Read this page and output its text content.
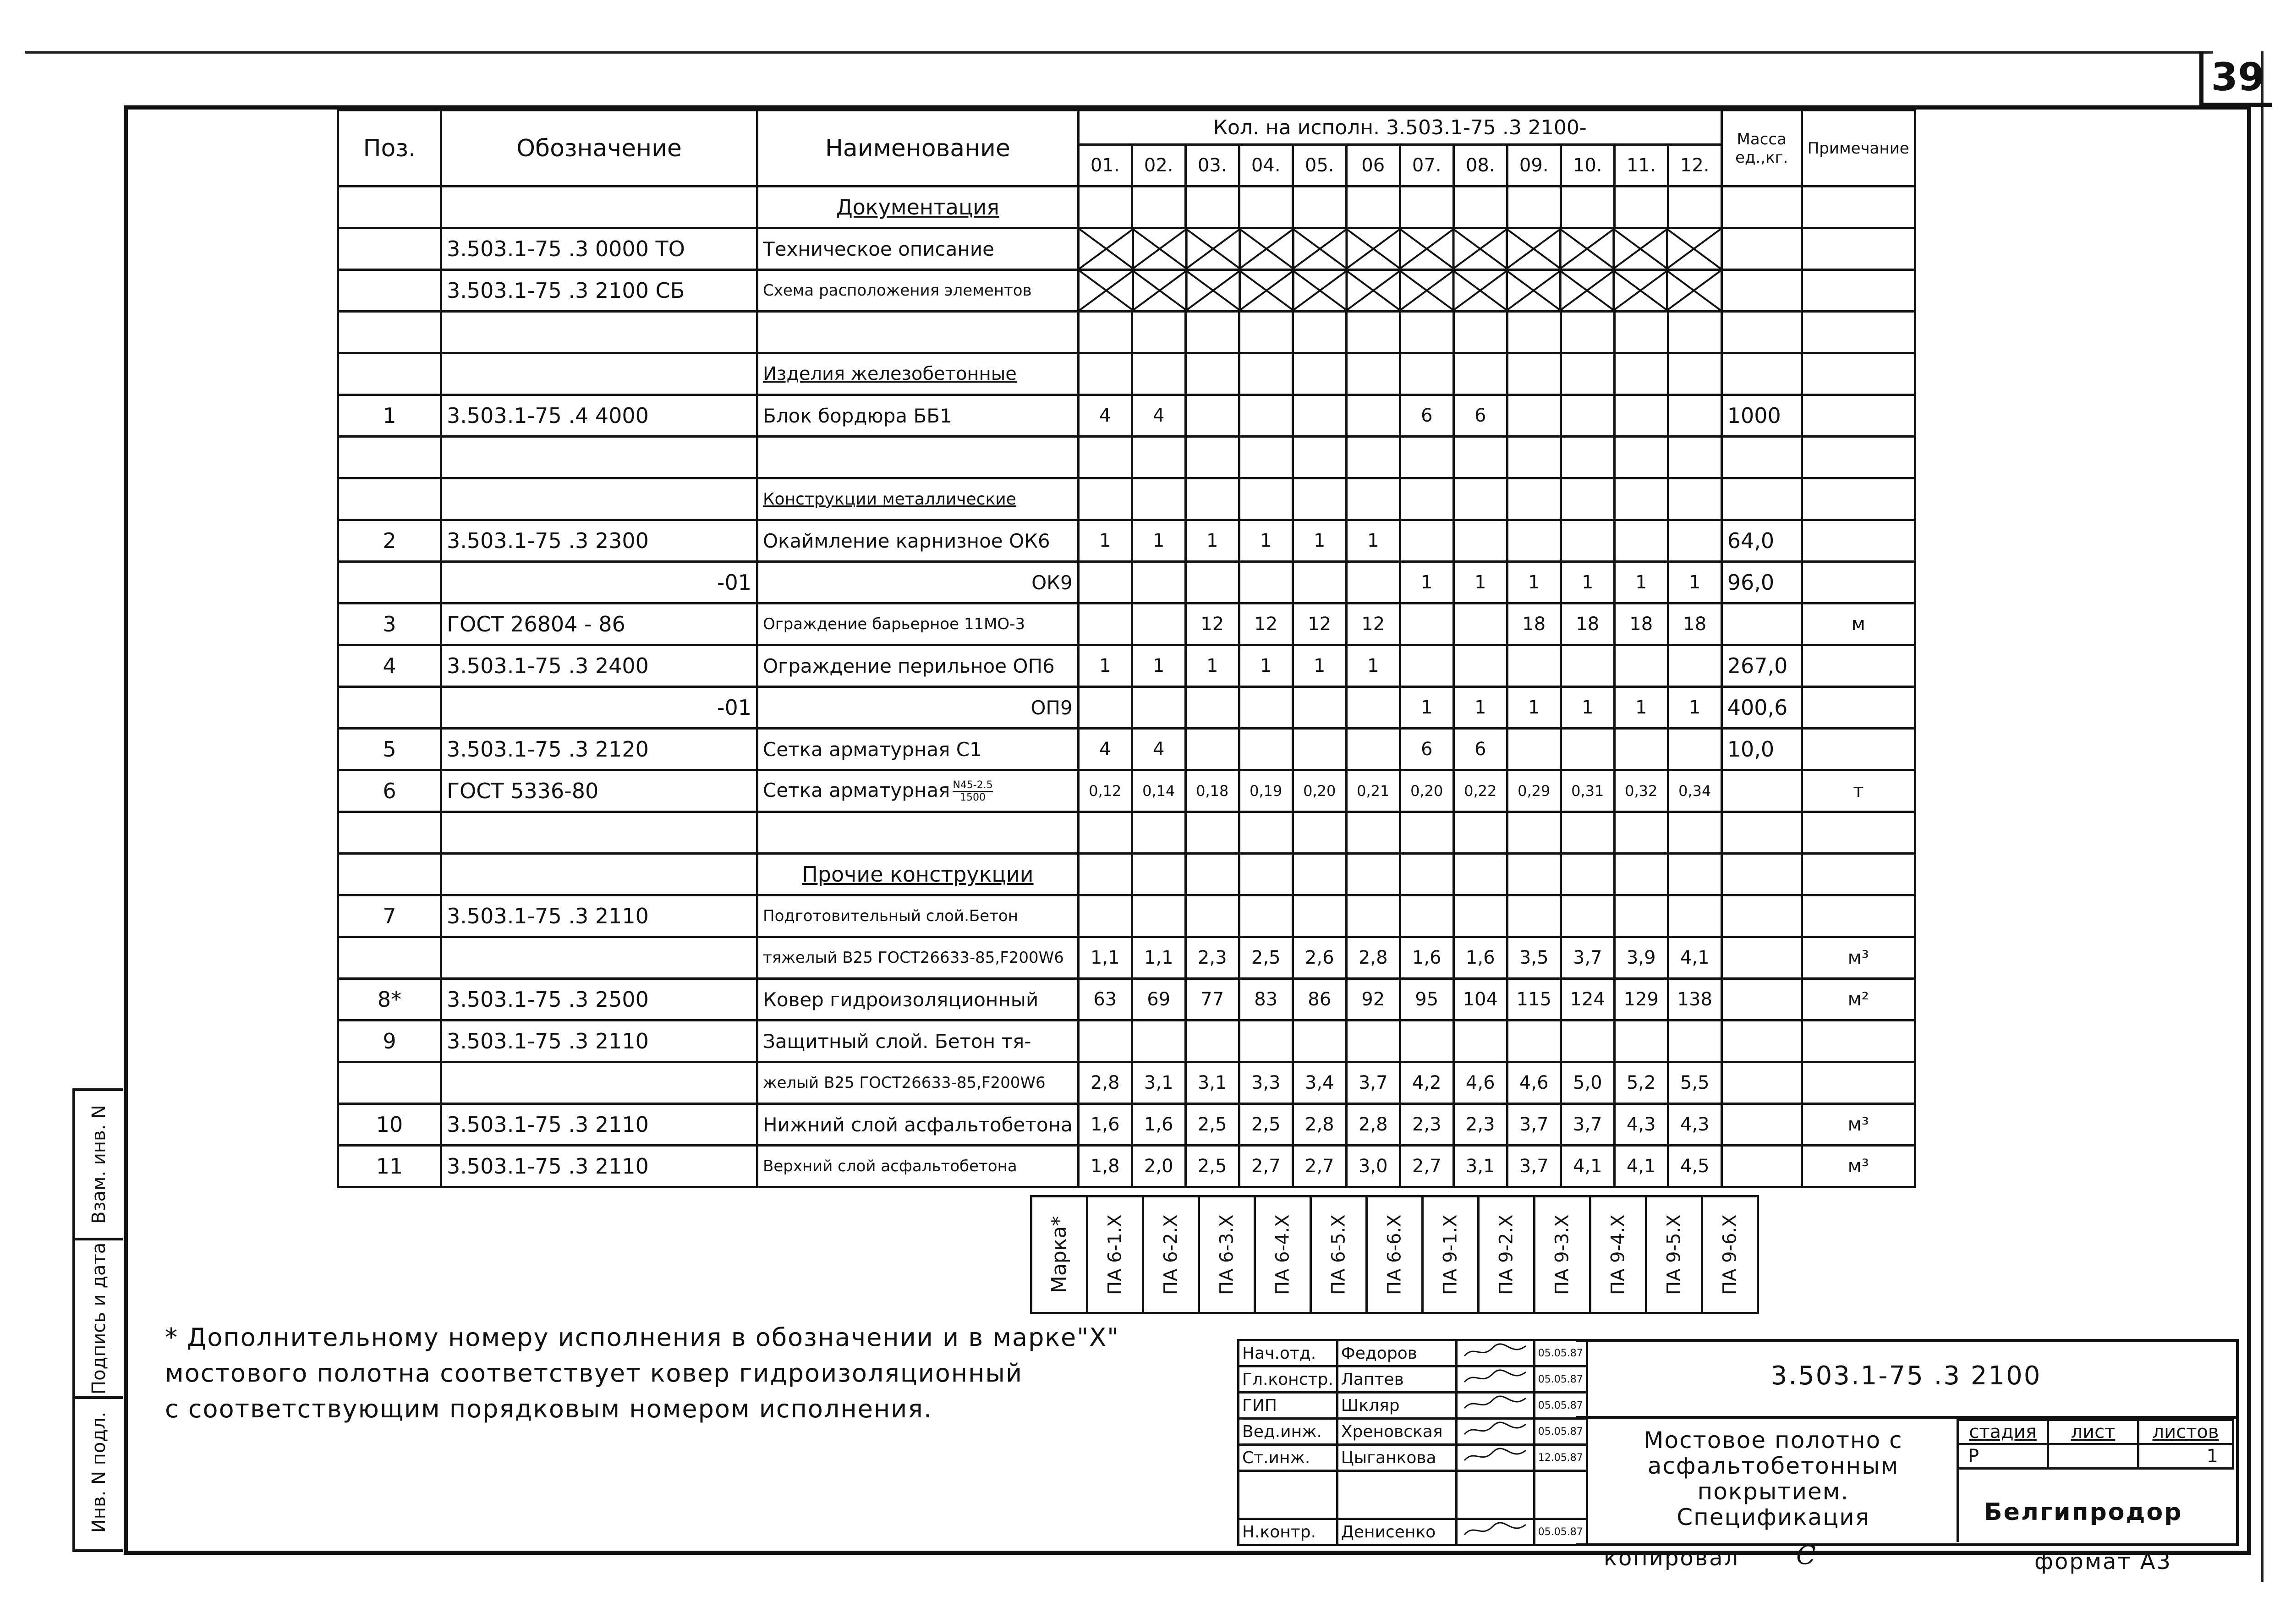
39
Взам. инв. N
Подпись и дата
Инв. N подл.
Поз.	Обозначение	Наименование	Кол. на исполн. 3.503.1-75 .3 2100-												Масса ед.,кг.	Примечание
			01.	02.	03.	04.	05.	06	07.	08.	09.	10.	11.	12.		
		Документация														
	3.503.1-75 .3 0000 ТО	Техническое описание	

	3.503.1-75 .3 2100 СБ	Схема расположения элементов	

		Изделия железобетонные														
1	3.503.1-75 .4 4000	Блок бордюра ББ1	4	4					6	6					1000	

		Конструкции металлические														
2	3.503.1-75 .3 2300	Окаймление карнизное ОК6	1	1	1	1	1	1							64,0	
	-01	ОК9							1	1	1	1	1	1	96,0	
3	ГОСТ 26804 - 86	Ограждение барьерное 11МО-3			12	12	12	12			18	18	18	18		м
4	3.503.1-75 .3 2400	Ограждение перильное ОП6	1	1	1	1	1	1							267,0	
	-01	ОП9							1	1	1	1	1	1	400,6	
5	3.503.1-75 .3 2120	Сетка арматурная С1	4	4					6	6					10,0	
6	ГОСТ 5336-80	Сетка арматурная $\frac{N45-2.5}{1500}$	0,12	0,14	0,18	0,19	0,20	0,21	0,20	0,22	0,29	0,31	0,32	0,34		т

		Прочие конструкции														
7	3.503.1-75 .3 2110	Подготовительный слой.Бетон														
		тяжелый В25 ГОСТ26633-85,F200W6	1,1	1,1	2,3	2,5	2,6	2,8	1,6	1,6	3,5	3,7	3,9	4,1		м³
8*	3.503.1-75 .3 2500	Ковер гидроизоляционный	63	69	77	83	86	92	95	104	115	124	129	138		м²
9	3.503.1-75 .3 2110	Защитный слой. Бетон тя-														
		желый В25 ГОСТ26633-85,F200W6	2,8	3,1	3,1	3,3	3,4	3,7	4,2	4,6	4,6	5,0	5,2	5,5		
10	3.503.1-75 .3 2110	Нижний слой асфальтобетона	1,6	1,6	2,5	2,5	2,8	2,8	2,3	2,3	3,7	3,7	4,3	4,3		м³
11	3.503.1-75 .3 2110	Верхний слой асфальтобетона	1,8	2,0	2,5	2,7	2,7	3,0	2,7	3,1	3,7	4,1	4,1	4,5		м³
Марка*	ПА 6-1.Х	ПА 6-2.Х	ПА 6-3.Х	ПА 6-4.Х	ПА 6-5.Х	ПА 6-6.Х	ПА 9-1.Х	ПА 9-2.Х	ПА 9-3.Х	ПА 9-4.Х	ПА 9-5.Х	ПА 9-6.Х
* Дополнительному номеру исполнения в обозначении и в марке"Х"
мостового полотна соответствует ковер гидроизоляционный
с соответствующим порядковым номером исполнения.
Нач.отд.	Федоров		05.05.87
Гл.констр.	Лаптев		05.05.87
ГИП	Шкляр		05.05.87
Вед.инж.	Хреновская		05.05.87
Ст.инж.	Цыганкова		12.05.87

Н.контр.	Денисенко		05.05.87
3.503.1-75 .3 2100
Мостовое полотно с
асфальтобетонным
покрытием.
Спецификация
стадия	лист	листов
Р		1
Белгипродор
копировал С	формат А3
